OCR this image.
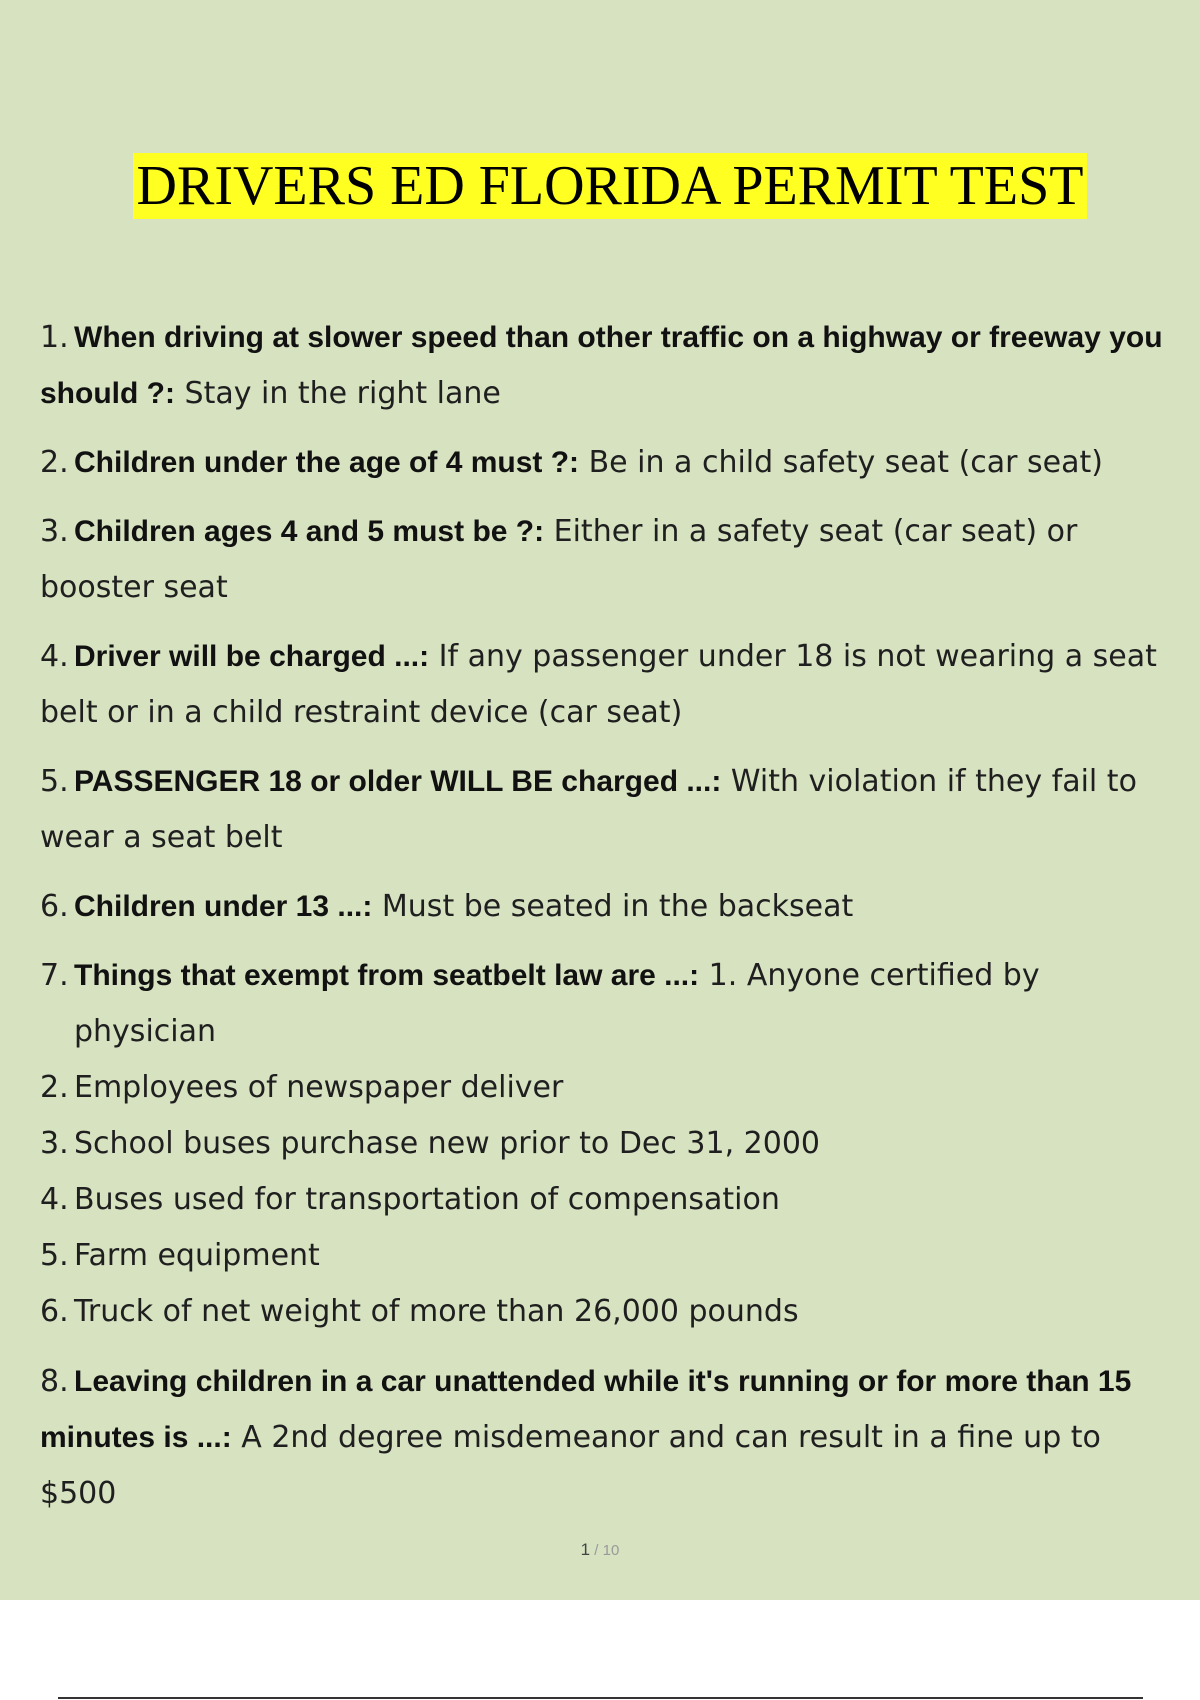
DRIVERS ED FLORIDA PERMIT TEST
1. When driving at slower speed than other traffic on a highway or freeway you should ?: Stay in the right lane
2. Children under the age of 4 must ?: Be in a child safety seat (car seat)
3. Children ages 4 and 5 must be ?: Either in a safety seat (car seat) or booster seat
4. Driver will be charged ...: If any passenger under 18 is not wearing a seat belt or in a child restraint device (car seat)
5. PASSENGER 18 or older WILL BE charged ...: With violation if they fail to wear a seat belt
6. Children under 13 ...: Must be seated in the backseat
7. Things that exempt from seatbelt law are ...: 1. Anyone certified by physician
2. Employees of newspaper deliver
3. School buses purchase new prior to Dec 31, 2000
4. Buses used for transportation of compensation
5. Farm equipment
6. Truck of net weight of more than 26,000 pounds
8. Leaving children in a car unattended while it's running or for more than 15 minutes is ...: A 2nd degree misdemeanor and can result in a fine up to $500
1 / 10
